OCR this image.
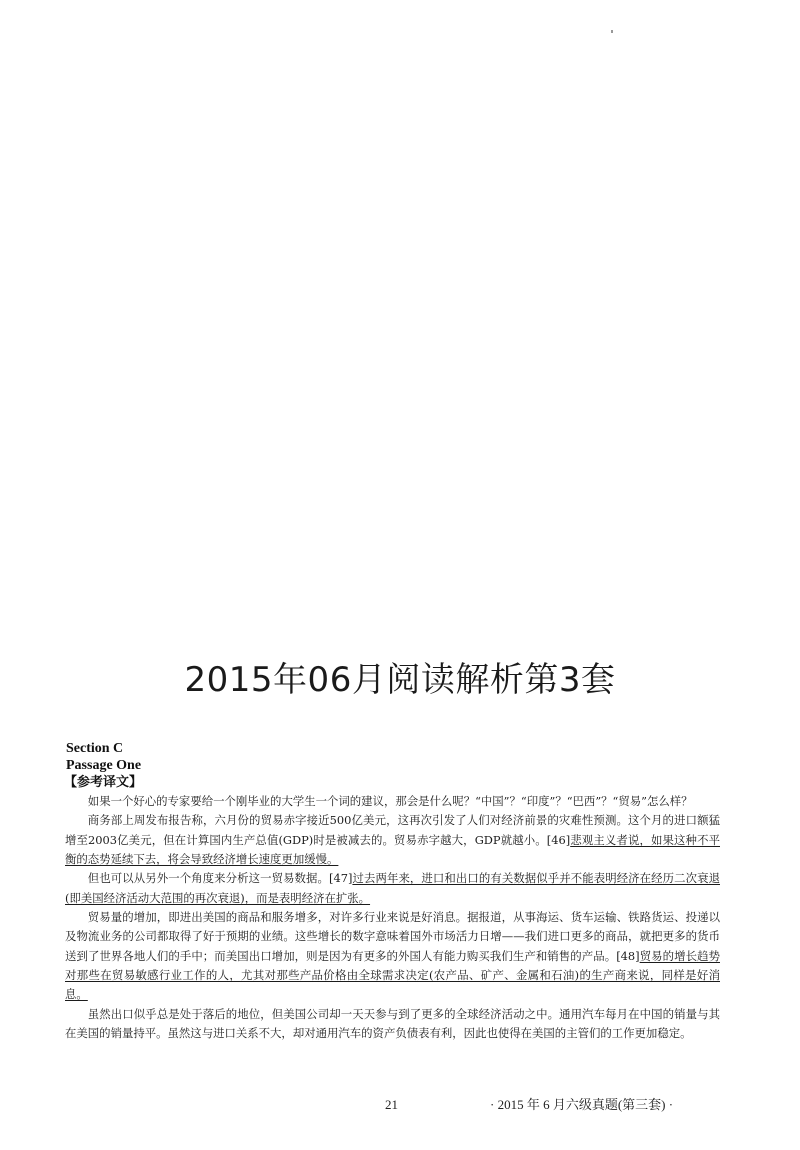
2015年06月阅读解析第3套
Section C
Passage One
【参考译文】

如果一个好心的专家要给一个刚毕业的大学生一个词的建议，那会是什么呢？“中国”？“印度”？“巴西”？“贸易”怎么样？

商务部上周发布报告称，六月份的贸易赤字接近500亿美元，这再次引发了人们对经济前景的灾难性预测。这个月的进口额猛增至2003亿美元，但在计算国内生产总值(GDP)时是被减去的。贸易赤字越大，GDP就越小。[46]悲观主义者说，如果这种不平衡的态势延续下去，将会导致经济增长速度更加缓慢。

但也可以从另外一个角度来分析这一贸易数据。[47]过去两年来，进口和出口的有关数据似乎并不能表明经济在经历二次衰退(即美国经济活动大范围的再次衰退)，而是表明经济在扩张。

贸易量的增加，即进出美国的商品和服务增多，对许多行业来说是好消息。据报道，从事海运、货车运输、铁路货运、投递以及物流业务的公司都取得了好于预期的业绩。这些增长的数字意味着国外市场活力日增——我们进口更多的商品，就把更多的货币送到了世界各地人们的手中；而美国出口增加，则是因为有更多的外国人有能力购买我们生产和销售的产品。[48]贸易的增长趋势对那些在贸易敏感行业工作的人，尤其对那些产品价格由全球需求决定(农产品、矿产、金属和石油)的生产商来说，同样是好消息。

虽然出口似乎总是处于落后的地位，但美国公司却一天天参与到了更多的全球经济活动之中。通用汽车每月在中国的销量与其在美国的销量持平。虽然这与进口关系不大，却对通用汽车的资产负债表有利，因此也使得在美国的主管们的工作更加稳定。

21	· 2015 年 6 月六级真题(第三套) ·
